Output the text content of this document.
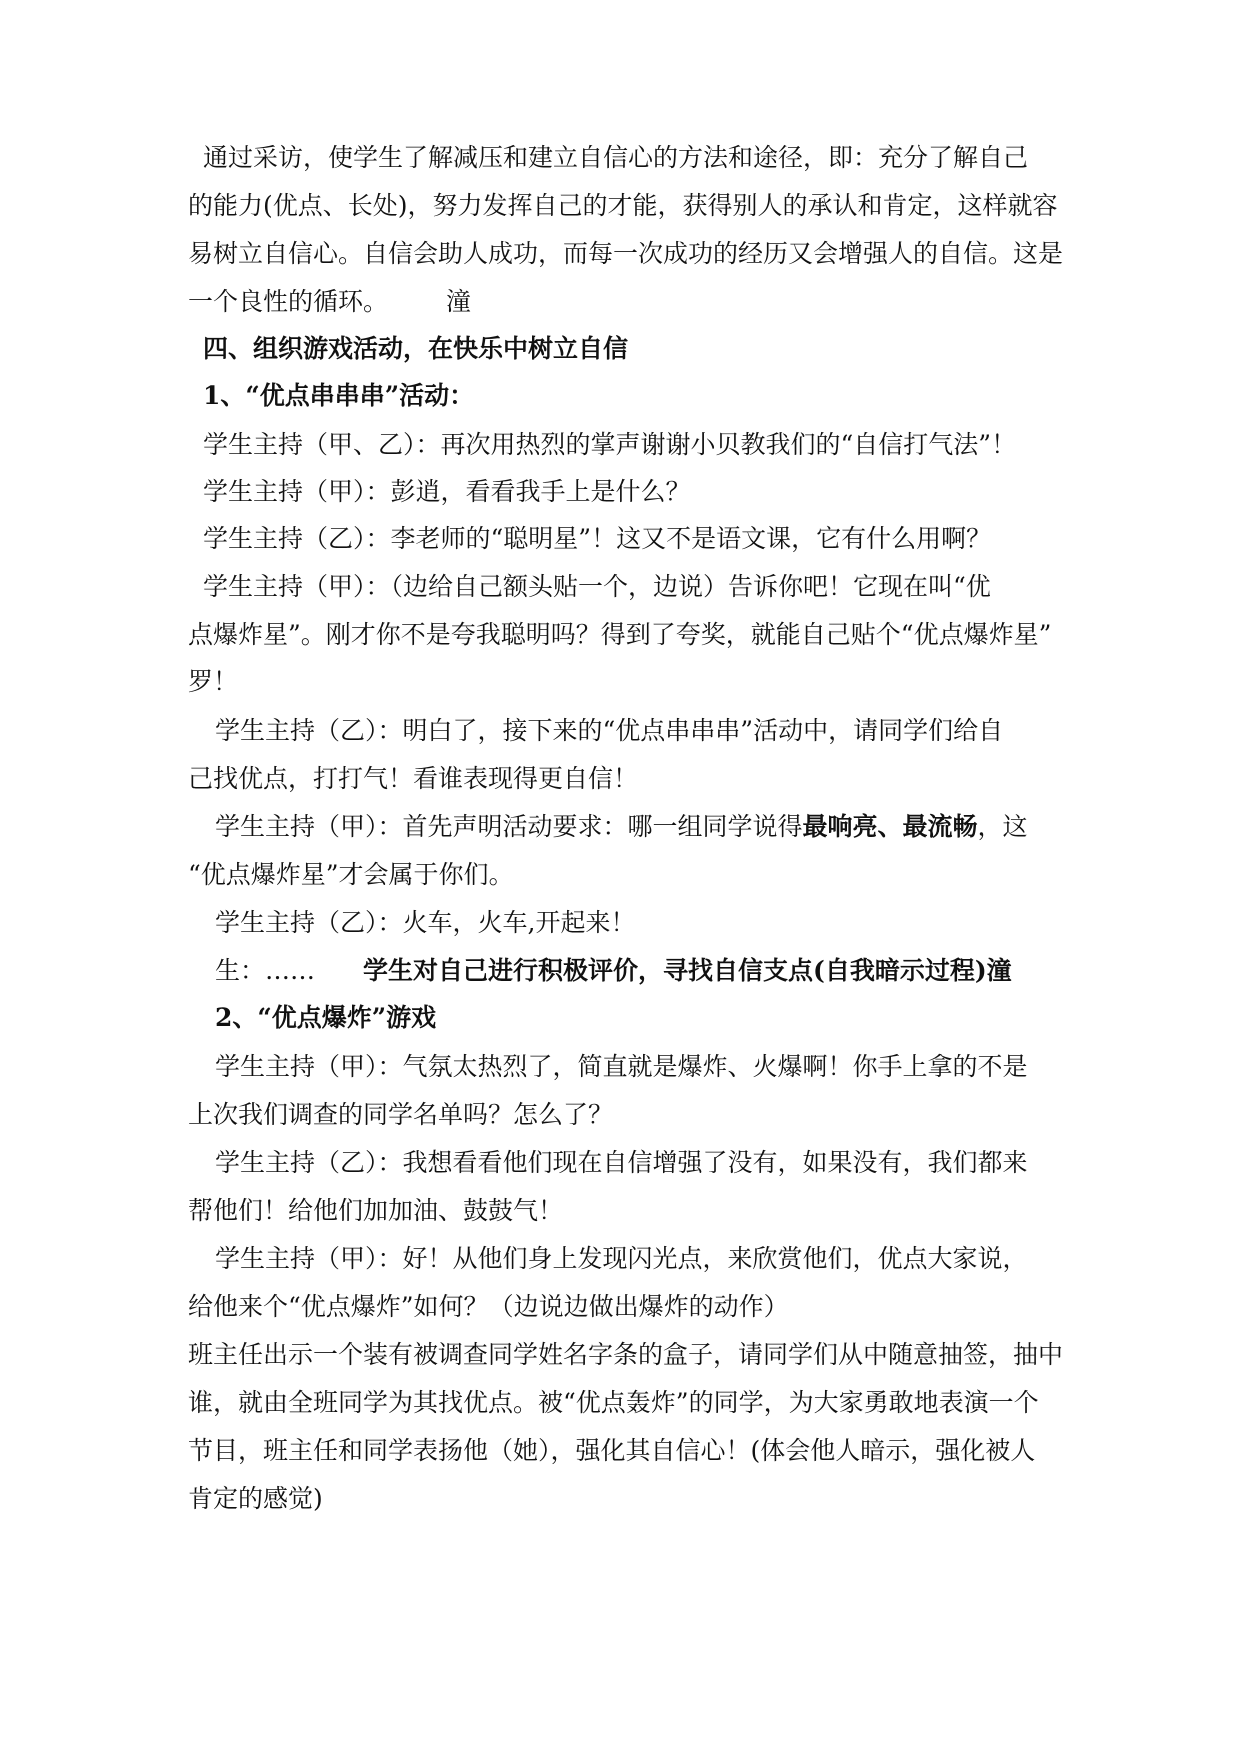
通过采访，使学生了解减压和建立自信心的方法和途径，即：充分了解自己
的能力(优点、长处)，努力发挥自己的才能，获得别人的承认和肯定，这样就容
易树立自信心。自信会助人成功，而每一次成功的经历又会增强人的自信。这是
一个良性的循环。 潼
四、组织游戏活动，在快乐中树立自信
1、“优点串串串”活动：
学生主持（甲、乙）：再次用热烈的掌声谢谢小贝教我们的“自信打气法”！
学生主持（甲）：彭逍，看看我手上是什么？
学生主持（乙）：李老师的“聪明星”！这又不是语文课，它有什么用啊？
学生主持（甲）：（边给自己额头贴一个，边说）告诉你吧！它现在叫“优
点爆炸星”。刚才你不是夸我聪明吗？得到了夸奖，就能自己贴个“优点爆炸星”
罗！
学生主持（乙）：明白了，接下来的“优点串串串”活动中，请同学们给自
己找优点，打打气！看谁表现得更自信！
学生主持（甲）：首先声明活动要求：哪一组同学说得最响亮、最流畅，这
“优点爆炸星”才会属于你们。
学生主持（乙）：火车，火车,开起来！
生：…… 学生对自己进行积极评价，寻找自信支点(自我暗示过程)潼
2、“优点爆炸”游戏
学生主持（甲）：气氛太热烈了，简直就是爆炸、火爆啊！你手上拿的不是
上次我们调查的同学名单吗？怎么了？
学生主持（乙）：我想看看他们现在自信增强了没有，如果没有，我们都来
帮他们！给他们加加油、鼓鼓气！
学生主持（甲）：好！从他们身上发现闪光点，来欣赏他们，优点大家说，
给他来个“优点爆炸”如何？（边说边做出爆炸的动作）
班主任出示一个装有被调查同学姓名字条的盒子，请同学们从中随意抽签，抽中
谁，就由全班同学为其找优点。被“优点轰炸”的同学，为大家勇敢地表演一个
节目，班主任和同学表扬他（她），强化其自信心！(体会他人暗示，强化被人
肯定的感觉)
